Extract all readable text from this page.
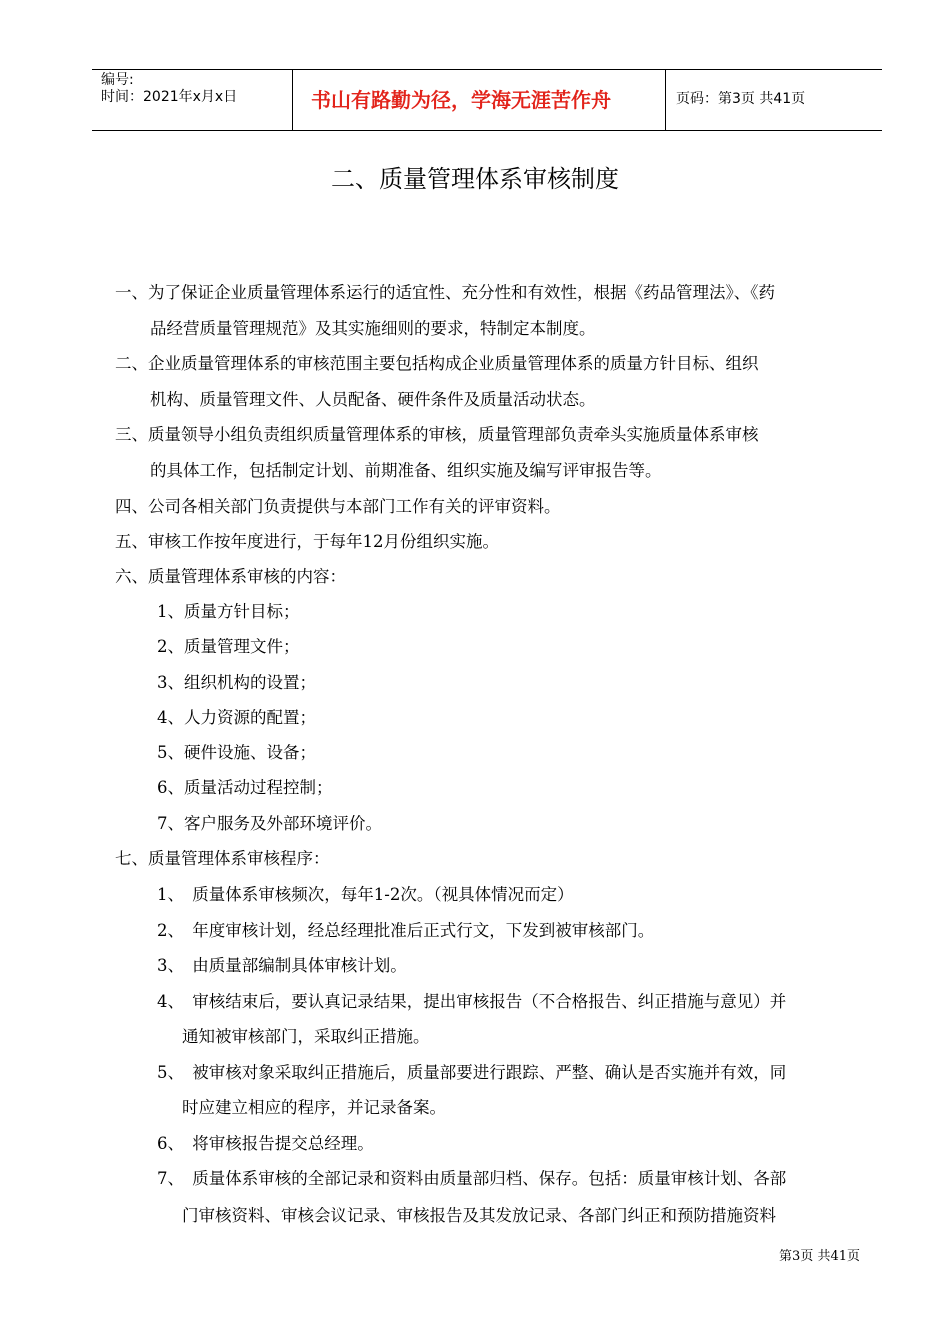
编号:
时间：2021年x月x日	书山有路勤为径，学海无涯苦作舟	页码：第3页 共41页
二、质量管理体系审核制度
一、为了保证企业质量管理体系运行的适宜性、充分性和有效性，根据《药品管理法》、《药
品经营质量管理规范》及其实施细则的要求，特制定本制度。
二、企业质量管理体系的审核范围主要包括构成企业质量管理体系的质量方针目标、组织
机构、质量管理文件、人员配备、硬件条件及质量活动状态。
三、质量领导小组负责组织质量管理体系的审核，质量管理部负责牵头实施质量体系审核
的具体工作，包括制定计划、前期准备、组织实施及编写评审报告等。
四、公司各相关部门负责提供与本部门工作有关的评审资料。
五、审核工作按年度进行，于每年12月份组织实施。
六、质量管理体系审核的内容：
1、质量方针目标；
2、质量管理文件；
3、组织机构的设置；
4、人力资源的配置；
5、硬件设施、设备；
6、质量活动过程控制；
7、客户服务及外部环境评价。
七、质量管理体系审核程序：
1、　质量体系审核频次，每年1-2次。（视具体情况而定）
2、　年度审核计划，经总经理批准后正式行文，下发到被审核部门。
3、　由质量部编制具体审核计划。
4、　审核结束后，要认真记录结果，提出审核报告（不合格报告、纠正措施与意见）并
通知被审核部门，采取纠正措施。
5、　被审核对象采取纠正措施后，质量部要进行跟踪、严整、确认是否实施并有效，同
时应建立相应的程序，并记录备案。
6、　将审核报告提交总经理。
7、　质量体系审核的全部记录和资料由质量部归档、保存。包括：质量审核计划、各部
门审核资料、审核会议记录、审核报告及其发放记录、各部门纠正和预防措施资料
第3页 共41页
